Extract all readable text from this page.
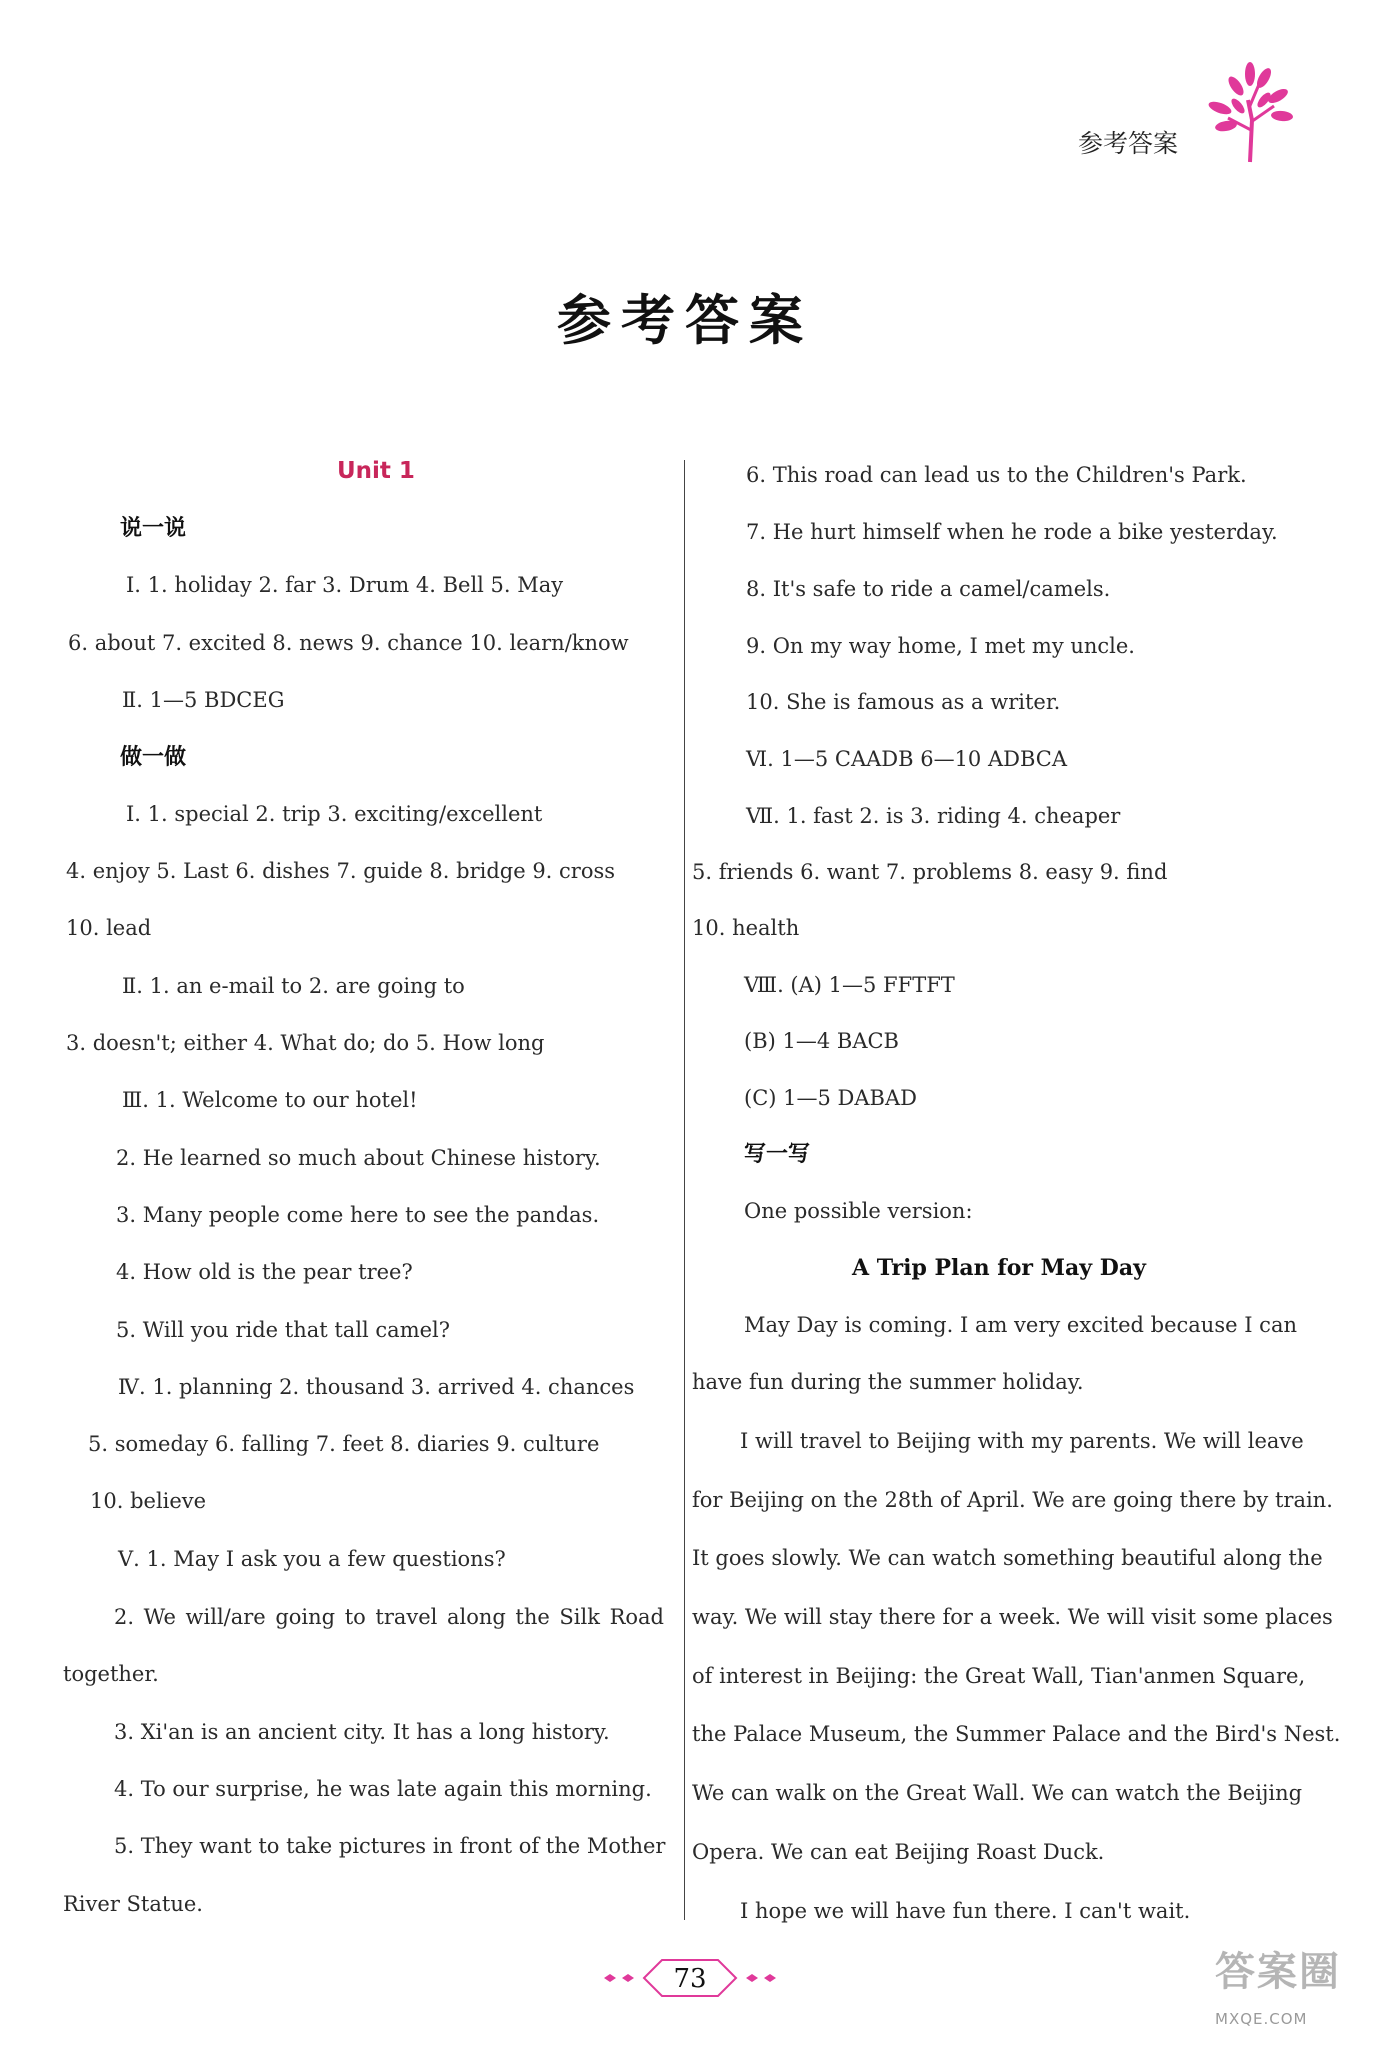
参考答案
参考答案
Unit 1
说一说
Ⅰ. 1. holiday 2. far 3. Drum 4. Bell 5. May
6. about 7. excited 8. news 9. chance 10. learn/know
Ⅱ. 1—5 BDCEG
做一做
Ⅰ. 1. special 2. trip 3. exciting/excellent
4. enjoy 5. Last 6. dishes 7. guide 8. bridge 9. cross
10. lead
Ⅱ. 1. an e-mail to 2. are going to
3. doesn't; either 4. What do; do 5. How long
Ⅲ. 1. Welcome to our hotel!
2. He learned so much about Chinese history.
3. Many people come here to see the pandas.
4. How old is the pear tree?
5. Will you ride that tall camel?
Ⅳ. 1. planning 2. thousand 3. arrived 4. chances
5. someday 6. falling 7. feet 8. diaries 9. culture
10. believe
Ⅴ. 1. May I ask you a few questions?
2. We will/are going to travel along the Silk Road
together.
3. Xi'an is an ancient city. It has a long history.
4. To our surprise, he was late again this morning.
5. They want to take pictures in front of the Mother
River Statue.
6. This road can lead us to the Children's Park.
7. He hurt himself when he rode a bike yesterday.
8. It's safe to ride a camel/camels.
9. On my way home, I met my uncle.
10. She is famous as a writer.
Ⅵ. 1—5 CAADB 6—10 ADBCA
Ⅶ. 1. fast 2. is 3. riding 4. cheaper
5. friends 6. want 7. problems 8. easy 9. find
10. health
Ⅷ. (A) 1—5 FFTFT
(B) 1—4 BACB
(C) 1—5 DABAD
写一写
One possible version:
A Trip Plan for May Day
May Day is coming. I am very excited because I can
have fun during the summer holiday.
I will travel to Beijing with my parents. We will leave
for Beijing on the 28th of April. We are going there by train.
It goes slowly. We can watch something beautiful along the
way. We will stay there for a week. We will visit some places
of interest in Beijing: the Great Wall, Tian'anmen Square,
the Palace Museum, the Summer Palace and the Bird's Nest.
We can walk on the Great Wall. We can watch the Beijing
Opera. We can eat Beijing Roast Duck.
I hope we will have fun there. I can't wait.
73	答案圈
MXQE.COM
